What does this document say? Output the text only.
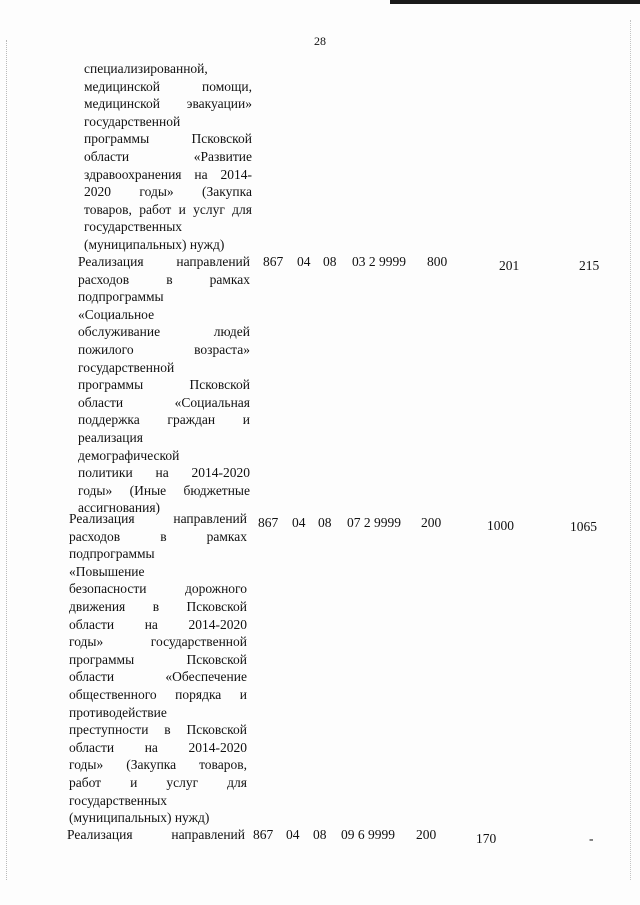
28
специализированной,
медицинской помощи,
медицинской эвакуации»
государственной
программы Псковской
области «Развитие
здравоохранения на 2014-
2020 годы» (Закупка
товаров, работ и услуг для
государственных
(муниципальных) нужд)
Реализация направлений
расходов в рамках
подпрограммы
«Социальное
обслуживание людей
пожилого возраста»
государственной
программы Псковской
области «Социальная
поддержка граждан и
реализация
демографической
политики на 2014-2020
годы» (Иные бюджетные
ассигнования)
867 04 08 03 2 9999 800	201	215
Реализация направлений
расходов в рамках
подпрограммы
«Повышение
безопасности дорожного
движения в Псковской
области на 2014-2020
годы» государственной
программы Псковской
области «Обеспечение
общественного порядка и
противодействие
преступности в Псковской
области на 2014-2020
годы» (Закупка товаров,
работ и услуг для
государственных
(муниципальных) нужд)
867 04 08 07 2 9999 200	1000	1065
Реализация направлений 867 04 08 09 6 9999 200	170	-
